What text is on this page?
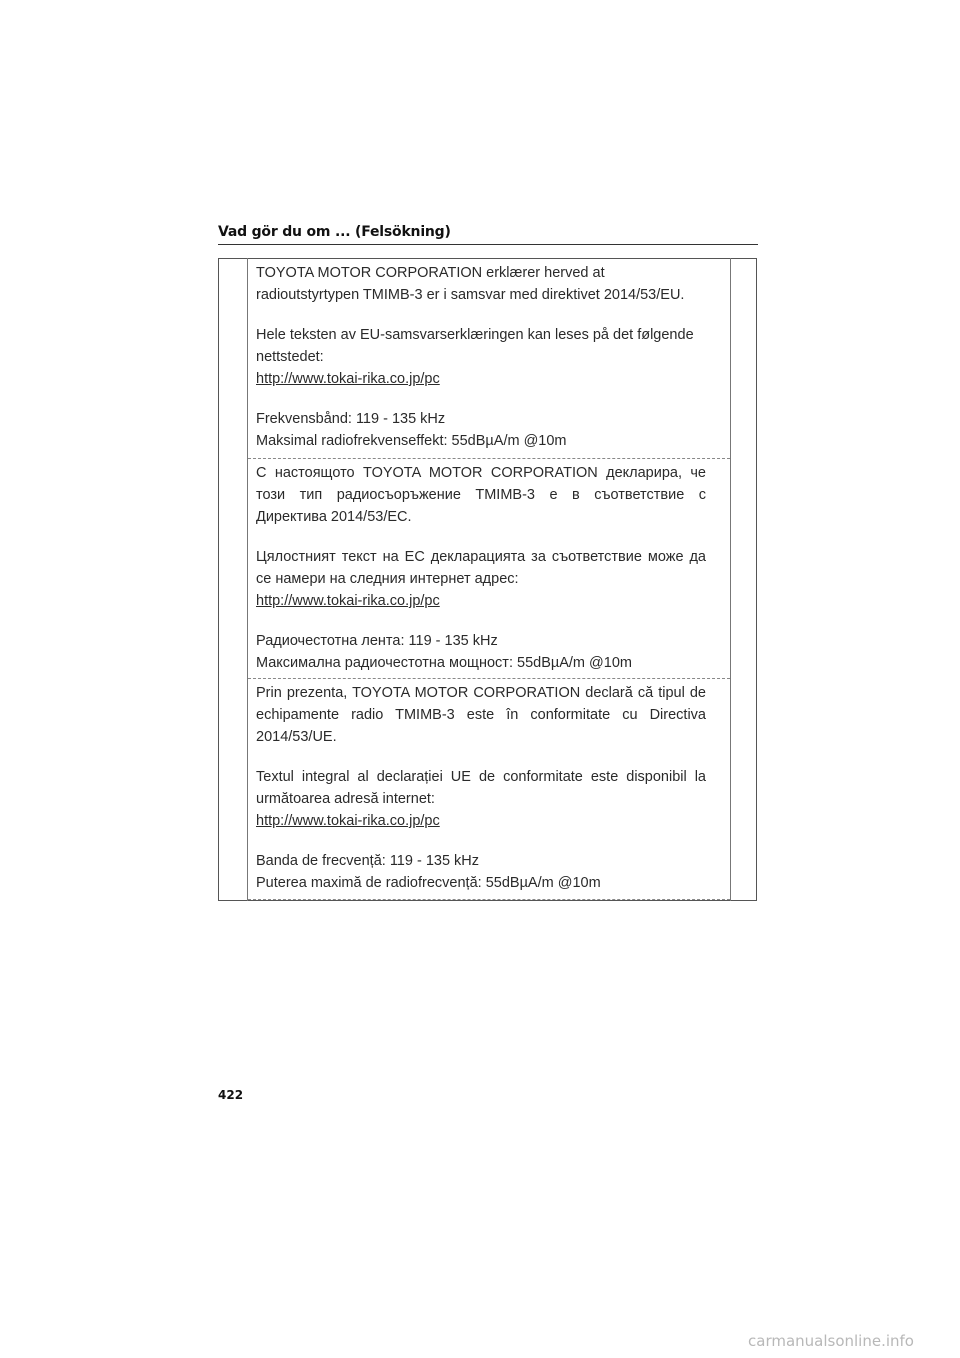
Vad gör du om ... (Felsökning)

TOYOTA MOTOR CORPORATION erklærer herved at radioutstyrtypen TMIMB-3 er i samsvar med direktivet 2014/53/EU.

Hele teksten av EU-samsvarserklæringen kan leses på det følgende nettstedet:

http://www.tokai-rika.co.jp/pc

Frekvensbånd: 119 - 135 kHz

Maksimal radiofrekvenseffekt: 55dBµA/m @10m

С настоящото TOYOTA MOTOR CORPORATION декларира, че този тип радиосъоръжение TMIMB-3 е в съответствие с Директива 2014/53/ЕС.

Цялостният текст на ЕС декларацията за съответствие може да се намери на следния интернет адрес:

http://www.tokai-rika.co.jp/pc

Радиочестотна лента: 119 - 135 kHz

Максимална радиочестотна мощност: 55dBµA/m @10m

Prin prezenta, TOYOTA MOTOR CORPORATION declară că tipul de echipamente radio TMIMB-3 este în conformitate cu Directiva 2014/53/UE.

Textul integral al declarației UE de conformitate este disponibil la următoarea adresă internet:

http://www.tokai-rika.co.jp/pc

Banda de frecvență: 119 - 135 kHz

Puterea maximă de radiofrecvență: 55dBµA/m @10m

422
carmanualsonline.info
